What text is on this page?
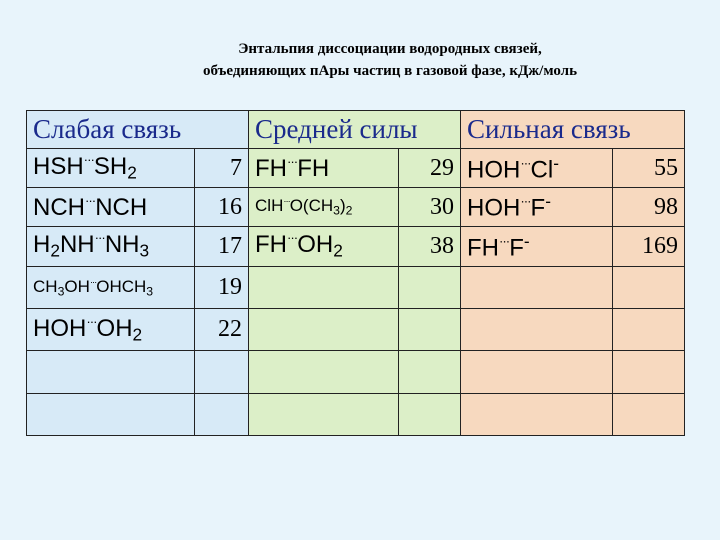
Энтальпия диссоциации водородных связей,
объединяющих пАры частиц в газовой фазе, кДж/моль
Слабая связь		Средней силы		Сильная связь	
$HSH^{\cdot\cdot\cdot}SH_2$	7	FH···FH	29	HOH···Cl-	55
NCH···NCH	16	$ClH^{\cdot\cdot\cdot}O(CH_3)_2$	30	HOH···F-	98
$H_2NH^{\cdot\cdot\cdot}NH_3$	17	$FH^{\cdot\cdot\cdot}OH_2$	38	FH···F-	169
$CH_3OH^{\cdot\cdot\cdot}OHCH_3$	19				
$HOH^{\cdot\cdot\cdot}OH_2$	22				
